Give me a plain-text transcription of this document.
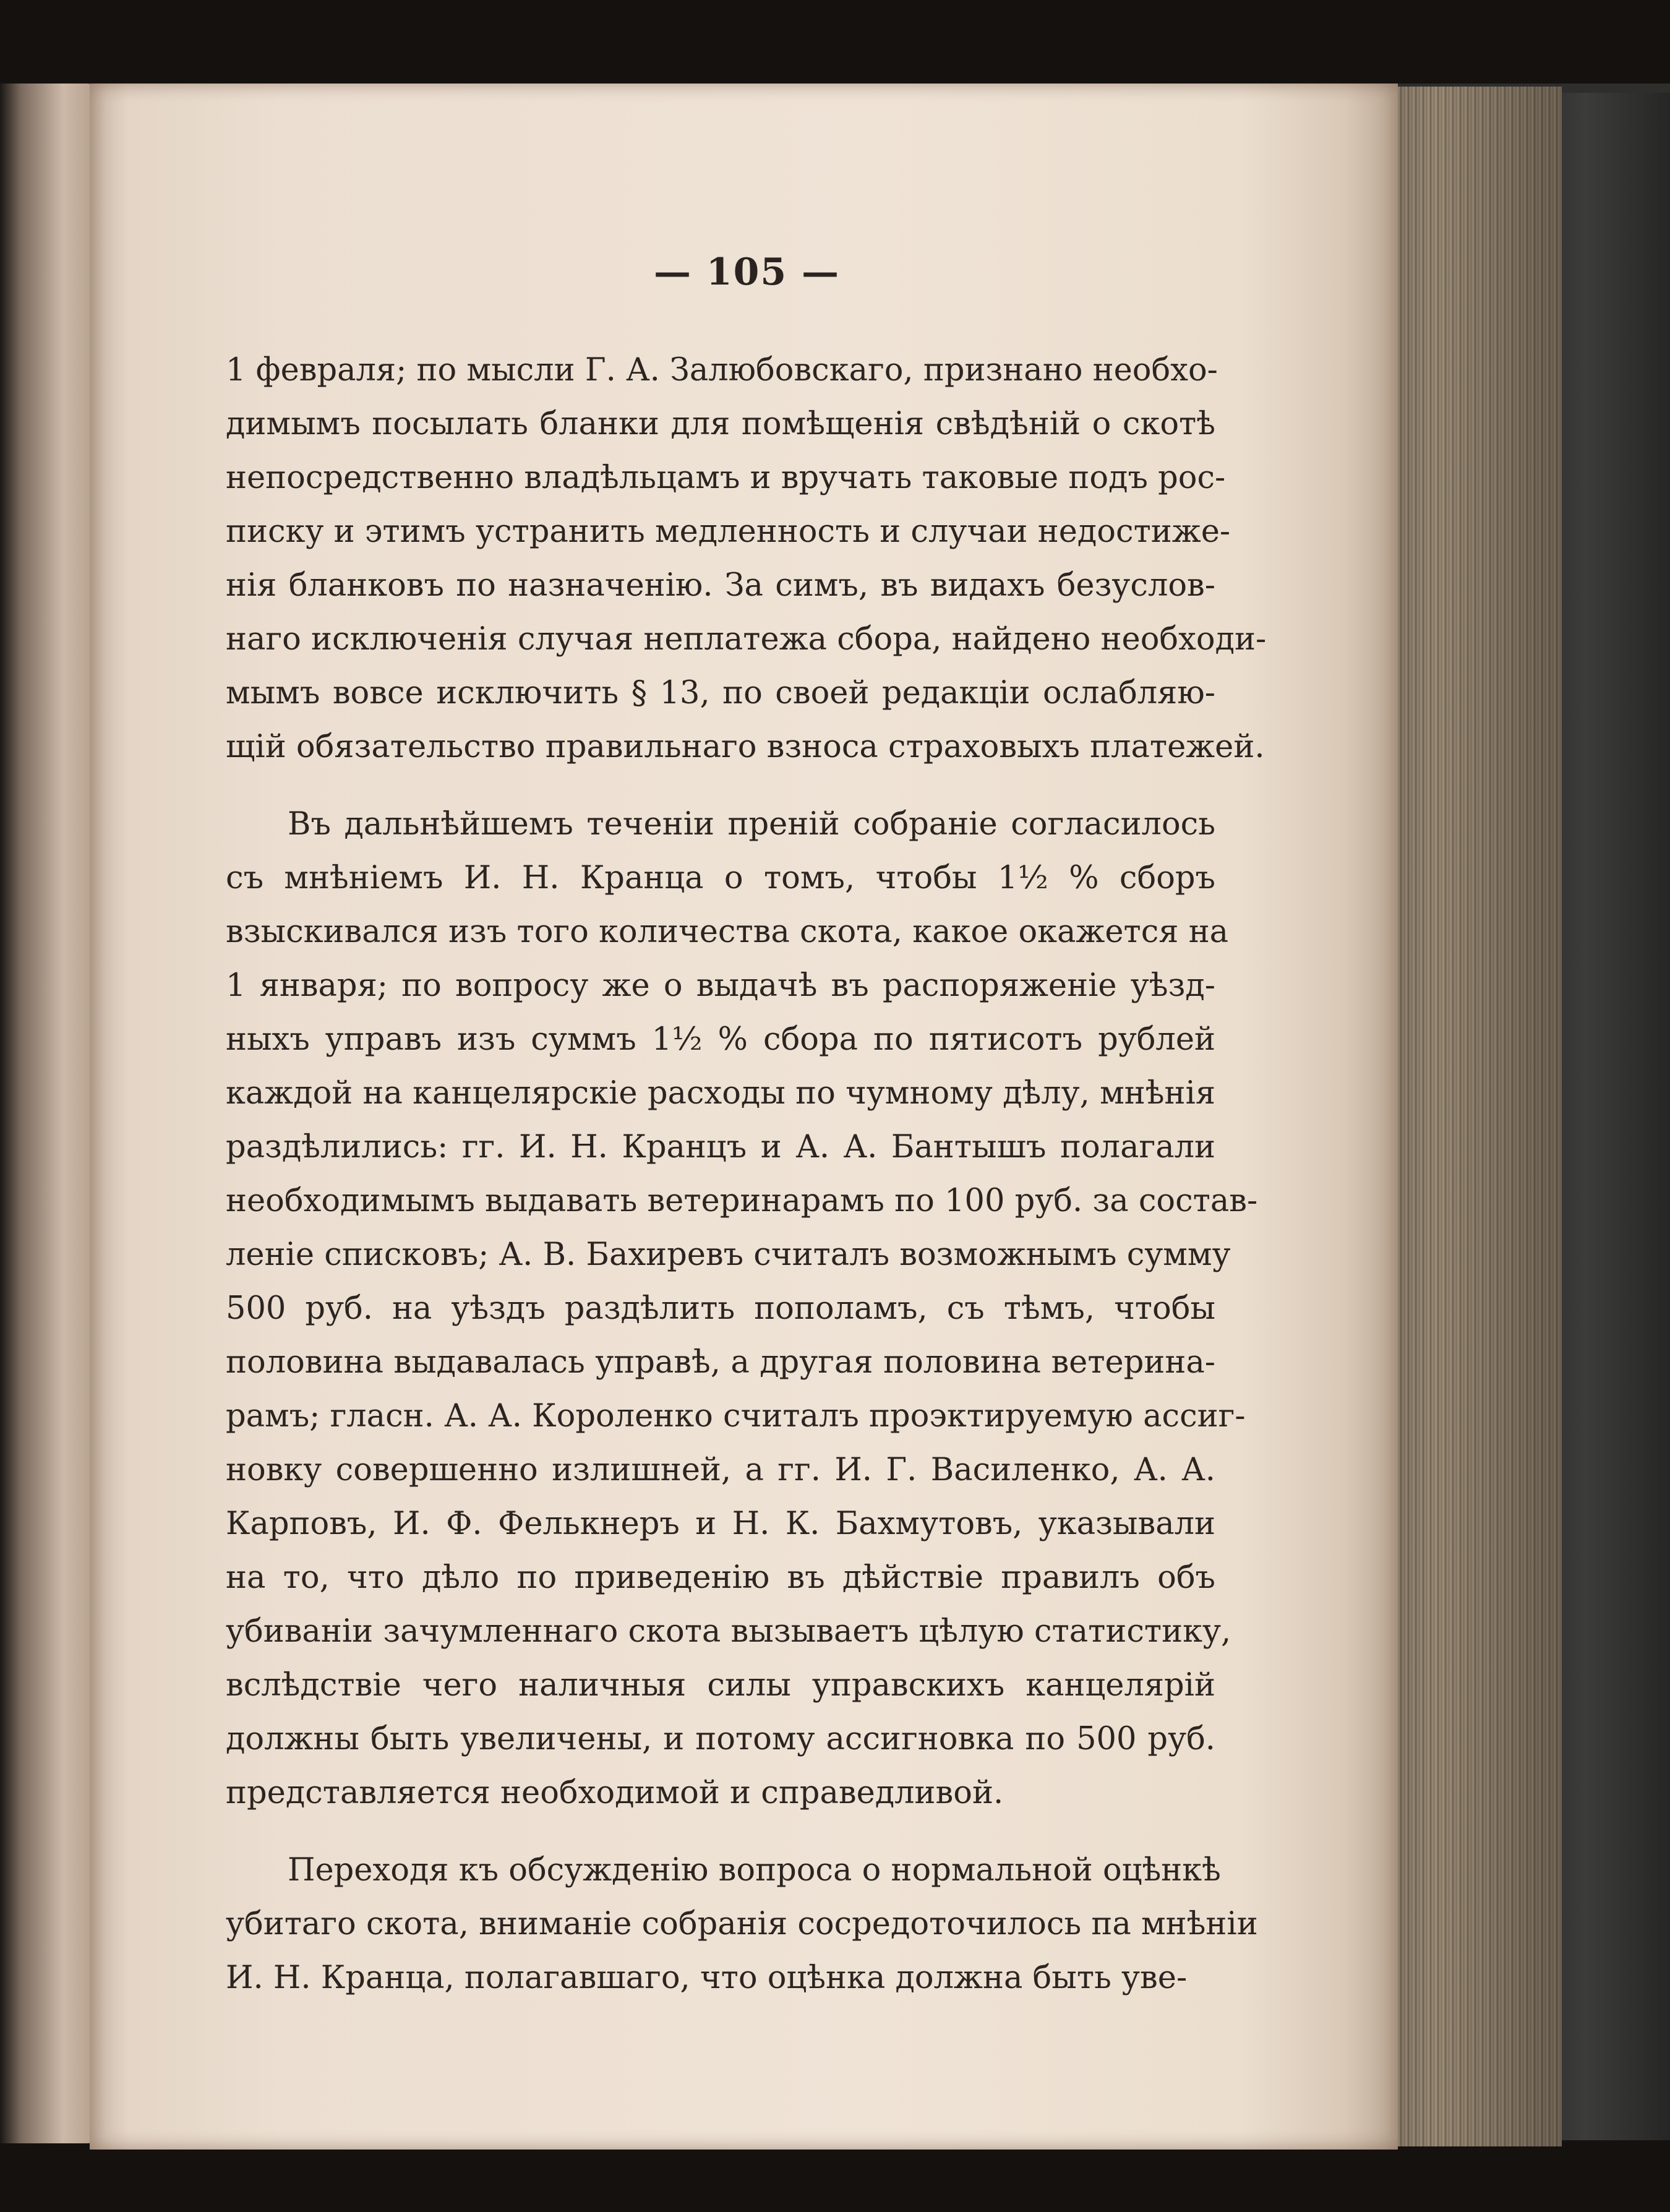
— 105 —
1 февраля; по мысли Г. А. Залюбовскаго, признано необхо-
димымъ посылать бланки для помѣщенія свѣдѣній о скотѣ
непосредственно владѣльцамъ и вручать таковые подъ рос-
писку и этимъ устранить медленность и случаи недостиже-
нія бланковъ по назначенію. За симъ, въ видахъ безуслов-
наго исключенія случая неплатежа сбора, найдено необходи-
мымъ вовсе исключить § 13, по своей редакціи ослабляю-
щій обязательство правильнаго взноса страховыхъ платежей.
Въ дальнѣйшемъ теченіи преній собраніе согласилось
съ мнѣніемъ И. Н. Кранца о томъ, чтобы 1½ % сборъ
взыскивался изъ того количества скота, какое окажется на
1 января; по вопросу же о выдачѣ въ распоряженіе уѣзд-
ныхъ управъ изъ суммъ 1½ % сбора по пятисотъ рублей
каждой на канцелярскіе расходы по чумному дѣлу, мнѣнія
раздѣлились: гг. И. Н. Кранцъ и А. А. Бантышъ полагали
необходимымъ выдавать ветеринарамъ по 100 руб. за состав-
леніе списковъ; А. В. Бахиревъ считалъ возможнымъ сумму
500 руб. на уѣздъ раздѣлить пополамъ, съ тѣмъ, чтобы
половина выдавалась управѣ, а другая половина ветерина-
рамъ; гласн. А. А. Короленко считалъ проэктируемую ассиг-
новку совершенно излишней, а гг. И. Г. Василенко, А. А.
Карповъ, И. Ф. Фелькнеръ и Н. К. Бахмутовъ, указывали
на то, что дѣло по приведенію въ дѣйствіе правилъ объ
убиваніи зачумленнаго скота вызываетъ цѣлую статистику,
вслѣдствіе чего наличныя силы управскихъ канцелярій
должны быть увеличены, и потому ассигновка по 500 руб.
представляется необходимой и справедливой.
Переходя къ обсужденію вопроса о нормальной оцѣнкѣ
убитаго скота, вниманіе собранія сосредоточилось па мнѣніи
И. Н. Кранца, полагавшаго, что оцѣнка должна быть уве-
